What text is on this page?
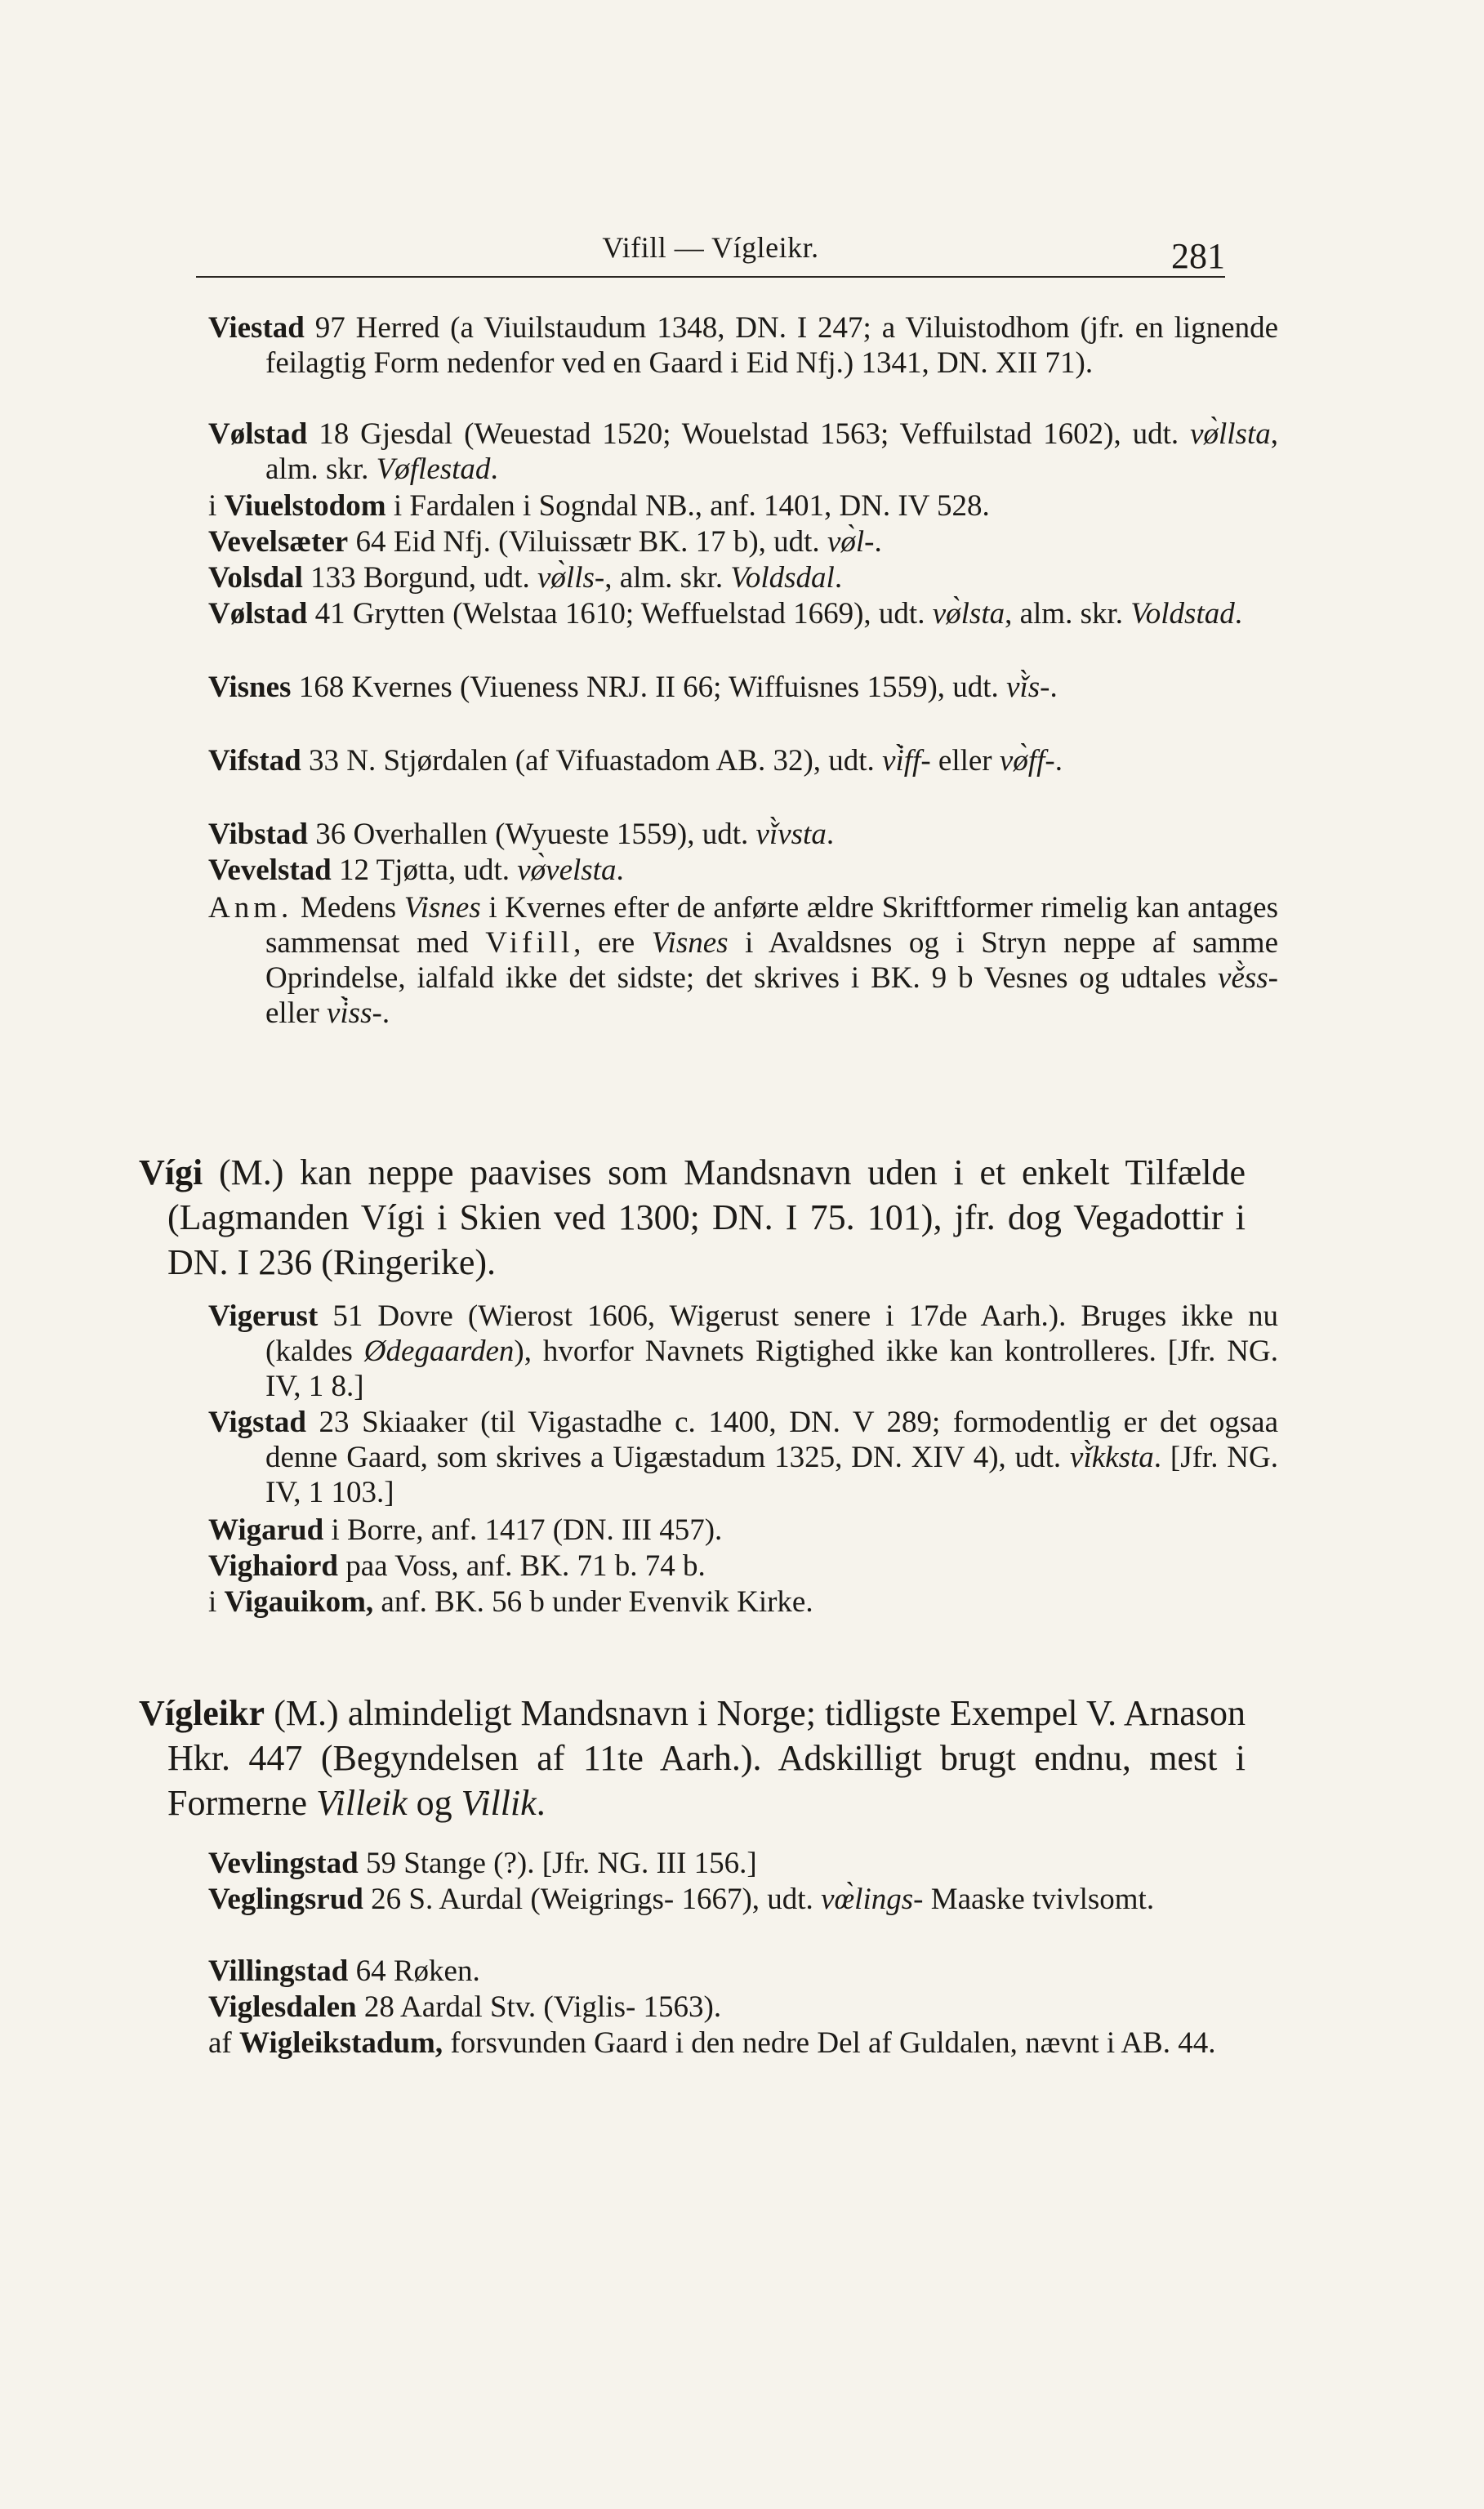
Vifill — Vígleikr.	281
Viestad 97 Herred (a Viuilstaudum 1348, DN. I 247; a Viluistodhom (jfr. en lignende feilagtig Form nedenfor ved en Gaard i Eid Nfj.) 1341, DN. XII 71).
Vølstad 18 Gjesdal (Weuestad 1520; Wouelstad 1563; Veffuilstad 1602), udt. vø̀llsta, alm. skr. Vøflestad.
i Viuelstodom i Fardalen i Sogndal NB., anf. 1401, DN. IV 528.
Vevelsæter 64 Eid Nfj. (Viluissætr BK. 17 b), udt. vø̀l-.
Volsdal 133 Borgund, udt. vø̀lls-, alm. skr. Voldsdal.
Vølstad 41 Grytten (Welstaa 1610; Weffuelstad 1669), udt. vø̀lsta, alm. skr. Voldstad.
Visnes 168 Kvernes (Viueness NRJ. II 66; Wiffuisnes 1559), udt. vǐ̀s-.
Vifstad 33 N. Stjørdalen (af Vifuastadom AB. 32), udt. vi̇̀ff- eller vø̀ff-.
Vibstad 36 Overhallen (Wyueste 1559), udt. vǐ̀vsta.
Vevelstad 12 Tjøtta, udt. vø̀velsta.
Anm. Medens Visnes i Kvernes efter de anførte ældre Skriftformer rimelig kan antages sammensat med Vifill, ere Visnes i Avaldsnes og i Stryn neppe af samme Oprindelse, ialfald ikke det sidste; det skrives i BK. 9 b Vesnes og udtales vě̀ss- eller vi̇̀ss-.
Vígi (M.) kan neppe paavises som Mandsnavn uden i et enkelt Tilfælde (Lagmanden Vígi i Skien ved 1300; DN. I 75. 101), jfr. dog Vegadottir i DN. I 236 (Ringerike).
Vigerust 51 Dovre (Wierost 1606, Wigerust senere i 17de Aarh.). Bruges ikke nu (kaldes Ødegaarden), hvorfor Navnets Rigtighed ikke kan kontrolleres. [Jfr. NG. IV, 1 8.]
Vigstad 23 Skiaaker (til Vigastadhe c. 1400, DN. V 289; formodentlig er det ogsaa denne Gaard, som skrives a Uigæstadum 1325, DN. XIV 4), udt. vǐ̀kksta. [Jfr. NG. IV, 1 103.]
Wigarud i Borre, anf. 1417 (DN. III 457).
Vighaiord paa Voss, anf. BK. 71 b. 74 b.
i Vigauikom, anf. BK. 56 b under Evenvik Kirke.
Vígleikr (M.) almindeligt Mandsnavn i Norge; tidligste Exempel V. Arnason Hkr. 447 (Begyndelsen af 11te Aarh.). Adskilligt brugt endnu, mest i Formerne Villeik og Villik.
Vevlingstad 59 Stange (?). [Jfr. NG. III 156.]
Veglingsrud 26 S. Aurdal (Weigrings- 1667), udt. vœ̀lings- Maaske tvivlsomt.
Villingstad 64 Røken.
Viglesdalen 28 Aardal Stv. (Viglis- 1563).
af Wigleikstadum, forsvunden Gaard i den nedre Del af Guldalen, nævnt i AB. 44.
